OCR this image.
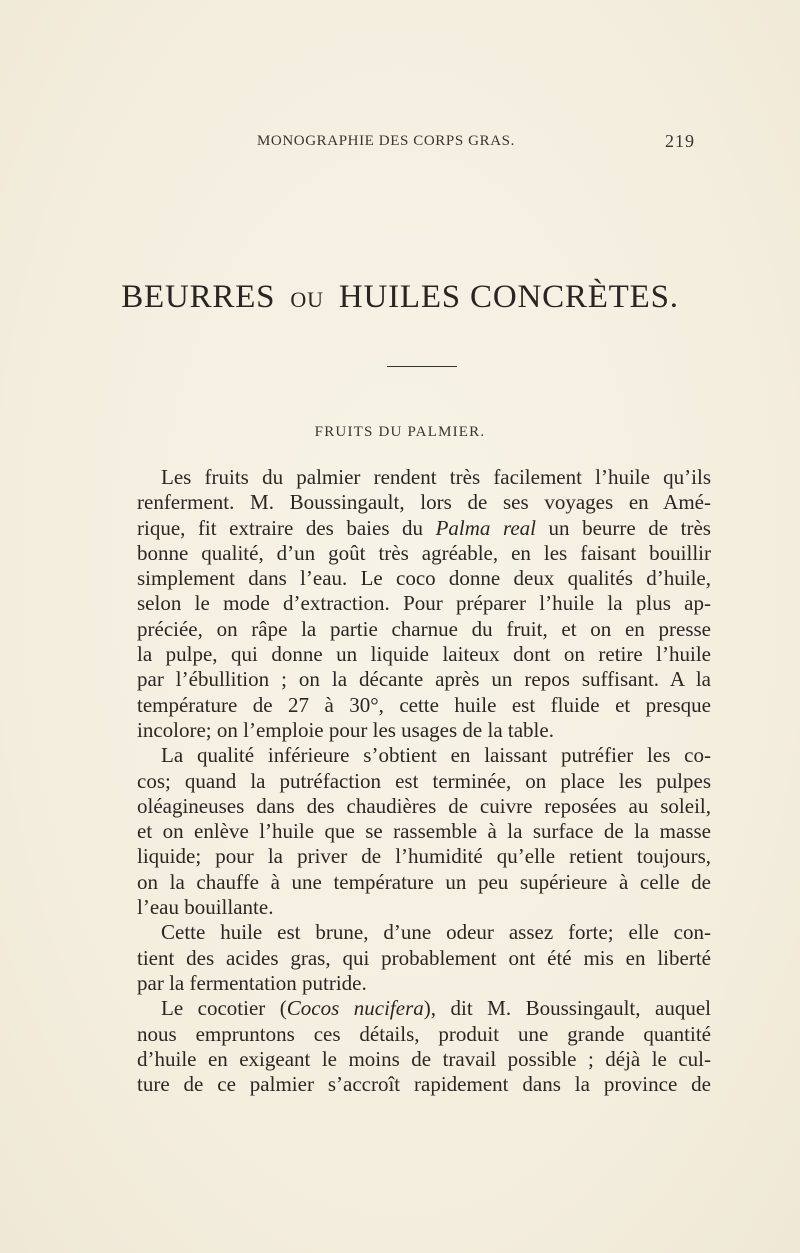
MONOGRAPHIE DES CORPS GRAS.	219
BEURRES OU HUILES CONCRÈTES.
FRUITS DU PALMIER.
Les fruits du palmier rendent très facilement l’huile qu’ils
renferment. M. Boussingault, lors de ses voyages en Amé-
rique, fit extraire des baies du Palma real un beurre de très
bonne qualité, d’un goût très agréable, en les faisant bouillir
simplement dans l’eau. Le coco donne deux qualités d’huile,
selon le mode d’extraction. Pour préparer l’huile la plus ap-
préciée, on râpe la partie charnue du fruit, et on en presse
la pulpe, qui donne un liquide laiteux dont on retire l’huile
par l’ébullition ; on la décante après un repos suffisant. A la
température de 27 à 30°, cette huile est fluide et presque
incolore; on l’emploie pour les usages de la table.
La qualité inférieure s’obtient en laissant putréfier les co-
cos; quand la putréfaction est terminée, on place les pulpes
oléagineuses dans des chaudières de cuivre reposées au soleil,
et on enlève l’huile que se rassemble à la surface de la masse
liquide; pour la priver de l’humidité qu’elle retient toujours,
on la chauffe à une température un peu supérieure à celle de
l’eau bouillante.
Cette huile est brune, d’une odeur assez forte; elle con-
tient des acides gras, qui probablement ont été mis en liberté
par la fermentation putride.
Le cocotier (Cocos nucifera), dit M. Boussingault, auquel
nous empruntons ces détails, produit une grande quantité
d’huile en exigeant le moins de travail possible ; déjà le cul-
ture de ce palmier s’accroît rapidement dans la province de
